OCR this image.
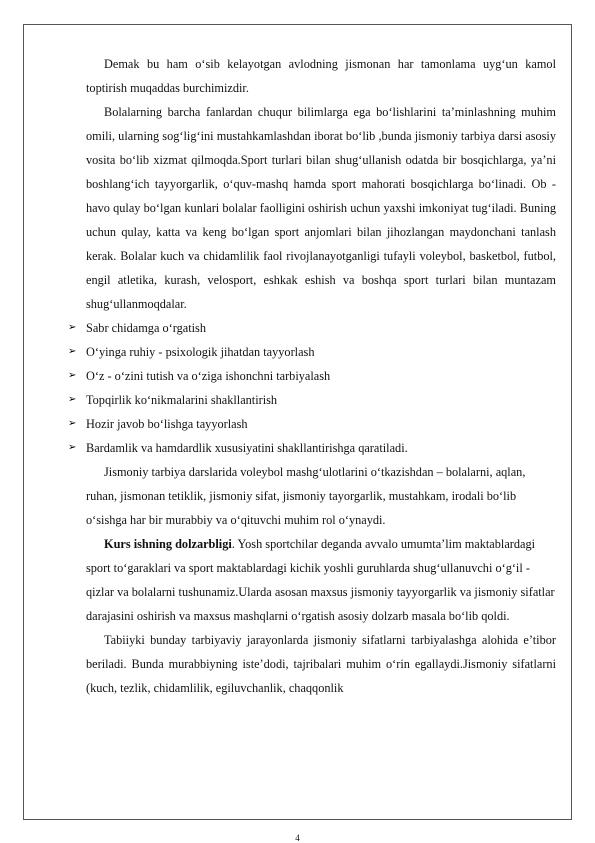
Demak bu ham o‘sib kelayotgan avlodning jismonan har tamonlama uyg‘un kamol toptirish muqaddas burchimizdir.

Bolalarning barcha fanlardan chuqur bilimlarga ega bo‘lishlarini ta’minlashning muhim omili, ularning sog‘lig‘ini mustahkamlashdan iborat bo‘lib ,bunda jismoniy tarbiya darsi asosiy vosita bo‘lib xizmat qilmoqda.Sport turlari bilan shug‘ullanish odatda bir bosqichlarga, ya’ni boshlang‘ich tayyorgarlik, o‘quv-mashq hamda sport mahorati bosqichlarga bo‘linadi. Ob - havo qulay bo‘lgan kunlari bolalar faolligini oshirish uchun yaxshi imkoniyat tug‘iladi. Buning uchun qulay, katta va keng bo‘lgan sport anjomlari bilan jihozlangan maydonchani tanlash kerak. Bolalar kuch va chidamlilik faol rivojlanayotganligi tufayli voleybol, basketbol, futbol, engil atletika, kurash, velosport, eshkak eshish va boshqa sport turlari bilan muntazam shug‘ullanmoqdalar.

➢ Sabr chidamga o‘rgatish
➢ O‘yinga ruhiy - psixologik jihatdan tayyorlash
➢ O‘z - o‘zini tutish va o‘ziga ishonchni tarbiyalash
➢ Topqirlik ko‘nikmalarini shakllantirish
➢ Hozir javob bo‘lishga tayyorlash
➢ Bardamlik va hamdardlik xususiyatini shakllantirishga qaratiladi.

Jismoniy tarbiya darslarida voleybol mashg‘ulotlarini o‘tkazishdan – bolalarni, aqlan, ruhan, jismonan tetiklik, jismoniy sifat, jismoniy tayorgarlik, mustahkam, irodali bo‘lib o‘sishga har bir murabbiy va o‘qituvchi muhim rol o‘ynaydi.

Kurs ishning dolzarbligi. Yosh sportchilar deganda avvalo umumta’lim maktablardagi sport to‘garaklari va sport maktablardagi kichik yoshli guruhlarda shug‘ullanuvchi o‘g‘il - qizlar va bolalarni tushunamiz.Ularda asosan maxsus jismoniy tayyorgarlik va jismoniy sifatlar darajasini oshirish va maxsus mashqlarni o‘rgatish asosiy dolzarb masala bo‘lib qoldi.

Tabiiyki bunday tarbiyaviy jarayonlarda jismoniy sifatlarni tarbiyalashga alohida e’tibor beriladi. Bunda murabbiyning iste’dodi, tajribalari muhim o‘rin egallaydi.Jismoniy sifatlarni (kuch, tezlik, chidamlilik, egiluvchanlik, chaqqonlik

4
